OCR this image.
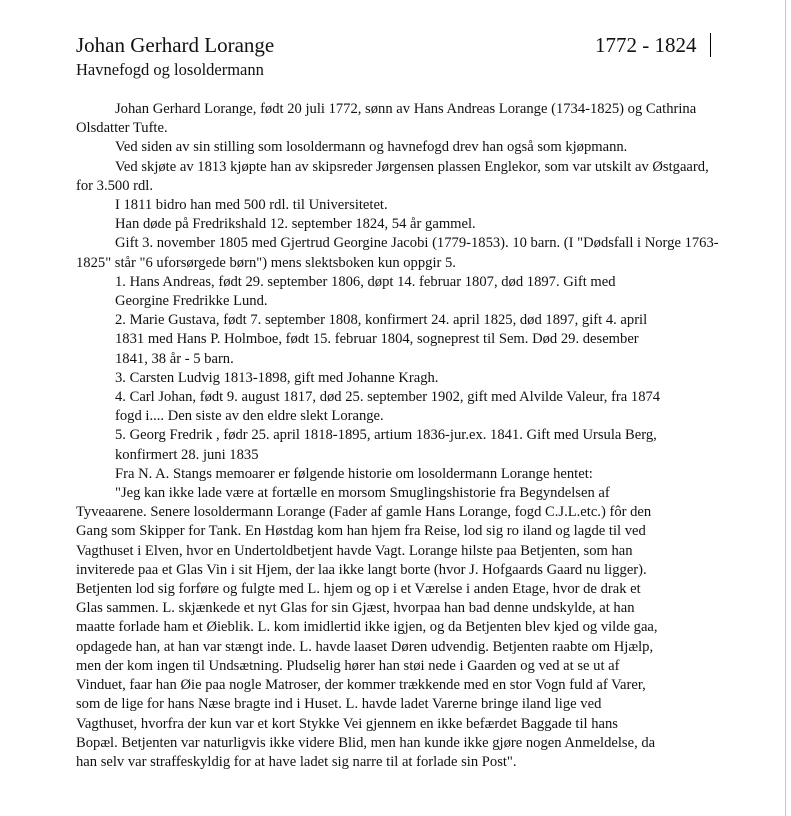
Johan Gerhard Lorange	1772 - 1824
Havnefogd og losoldermann

Johan Gerhard Lorange, født 20 juli 1772, sønn av Hans Andreas Lorange (1734-1825) og Cathrina Olsdatter Tufte.

Ved siden av sin stilling som losoldermann og havnefogd drev han også som kjøpmann.

Ved skjøte av 1813 kjøpte han av skipsreder Jørgensen plassen Englekor, som var utskilt av Østgaard, for 3.500 rdl.

I 1811 bidro han med 500 rdl. til Universitetet.

Han døde på Fredrikshald 12. september 1824, 54 år gammel.

Gift 3. november 1805 med Gjertrud Georgine Jacobi (1779-1853). 10 barn. (I "Dødsfall i Norge 1763-1825" står "6 uforsørgede børn") mens slektsboken kun oppgir 5.

1. Hans Andreas, født 29. september 1806, døpt 14. februar 1807, død 1897. Gift med

Georgine Fredrikke Lund.

2. Marie Gustava, født 7. september 1808, konfirmert 24. april 1825, død 1897, gift 4. april

1831 med Hans P. Holmboe, født 15. februar 1804, sogneprest til Sem. Død 29. desember

1841, 38 år - 5 barn.

3. Carsten Ludvig 1813-1898, gift med Johanne Kragh.

4. Carl Johan, født 9. august 1817, død 25. september 1902, gift med Alvilde Valeur, fra 1874

fogd i.... Den siste av den eldre slekt Lorange.

5. Georg Fredrik , fødr 25. april 1818-1895, artium 1836-jur.ex. 1841. Gift med Ursula Berg,

konfirmert 28. juni 1835

Fra N. A. Stangs memoarer er følgende historie om losoldermann Lorange hentet:

"Jeg kan ikke lade være at fortælle en morsom Smuglingshistorie fra Begyndelsen af

Tyveaarene. Senere losoldermann Lorange (Fader af gamle Hans Lorange, fogd C.J.L.etc.) fôr den

Gang som Skipper for Tank. En Høstdag kom han hjem fra Reise, lod sig ro iland og lagde til ved

Vagthuset i Elven, hvor en Undertoldbetjent havde Vagt. Lorange hilste paa Betjenten, som han

inviterede paa et Glas Vin i sit Hjem, der laa ikke langt borte (hvor J. Hofgaards Gaard nu ligger).

Betjenten lod sig forføre og fulgte med L. hjem og op i et Værelse i anden Etage, hvor de drak et

Glas sammen. L. skjænkede et nyt Glas for sin Gjæst, hvorpaa han bad denne undskylde, at han

maatte forlade ham et Øieblik. L. kom imidlertid ikke igjen, og da Betjenten blev kjed og vilde gaa,

opdagede han, at han var stængt inde. L. havde laaset Døren udvendig. Betjenten raabte om Hjælp,

men der kom ingen til Undsætning. Pludselig hører han støi nede i Gaarden og ved at se ut af

Vinduet, faar han Øie paa nogle Matroser, der kommer trækkende med en stor Vogn fuld af Varer,

som de lige for hans Næse bragte ind i Huset. L. havde ladet Varerne bringe iland lige ved

Vagthuset, hvorfra der kun var et kort Stykke Vei gjennem en ikke befærdet Baggade til hans

Bopæl. Betjenten var naturligvis ikke videre Blid, men han kunde ikke gjøre nogen Anmeldelse, da

han selv var straffeskyldig for at have ladet sig narre til at forlade sin Post".
